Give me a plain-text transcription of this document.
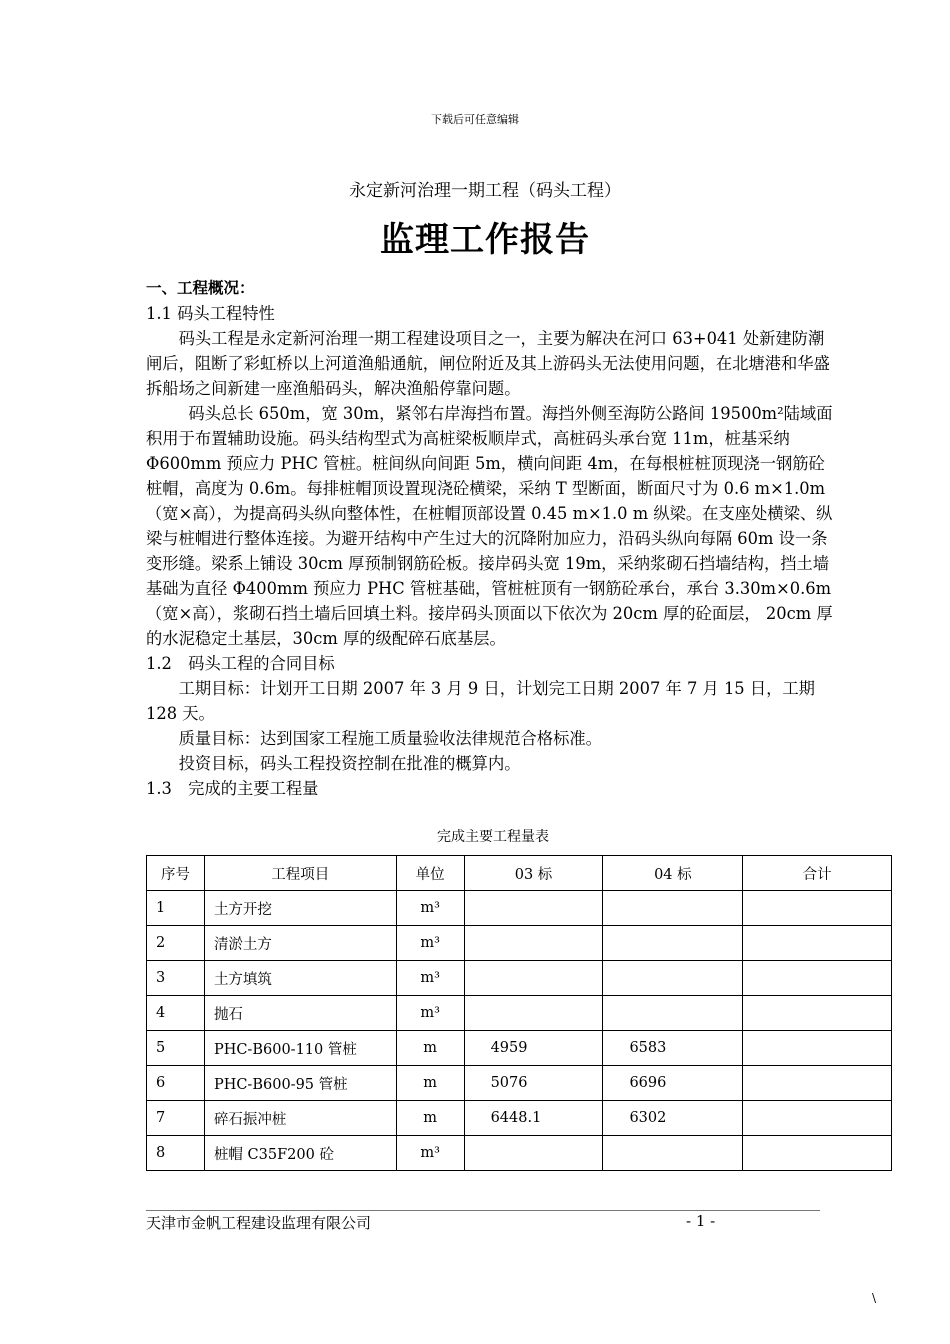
下载后可任意编辑
永定新河治理一期工程（码头工程）
监理工作报告

一、工程概况：

1.1 码头工程特性

码头工程是永定新河治理一期工程建设项目之一，主要为解决在河口 63+041 处新建防潮闸后，阻断了彩虹桥以上河道渔船通航，闸位附近及其上游码头无法使用问题，在北塘港和华盛拆船场之间新建一座渔船码头，解决渔船停靠问题。

码头总长 650m，宽 30m，紧邻右岸海挡布置。海挡外侧至海防公路间 19500m²陆域面积用于布置辅助设施。码头结构型式为高桩梁板顺岸式，高桩码头承台宽 11m，桩基采纳 Φ600mm 预应力 PHC 管桩。桩间纵向间距 5m，横向间距 4m，在每根桩桩顶现浇一钢筋砼桩帽，高度为 0.6m。每排桩帽顶设置现浇砼横梁，采纳 T 型断面，断面尺寸为 0.6 m×1.0m（宽×高），为提高码头纵向整体性，在桩帽顶部设置 0.45 m×1.0 m 纵梁。在支座处横梁、纵梁与桩帽进行整体连接。为避开结构中产生过大的沉降附加应力，沿码头纵向每隔 60m 设一条变形缝。梁系上铺设 30cm 厚预制钢筋砼板。接岸码头宽 19m，采纳浆砌石挡墙结构，挡土墙基础为直径 Φ400mm 预应力 PHC 管桩基础，管桩桩顶有一钢筋砼承台，承台 3.30m×0.6m（宽×高），浆砌石挡土墙后回填土料。接岸码头顶面以下依次为 20cm 厚的砼面层， 20cm 厚的水泥稳定土基层，30cm 厚的级配碎石底基层。

1.2　码头工程的合同目标

工期目标：计划开工日期 2007 年 3 月 9 日，计划完工日期 2007 年 7 月 15 日，工期 128 天。

质量目标：达到国家工程施工质量验收法律规范合格标准。

投资目标，码头工程投资控制在批准的概算内。

1.3　完成的主要工程量

完成主要工程量表
序号	工程项目	单位	03 标	04 标	合计
1	土方开挖	m³			
2	清淤土方	m³			
3	土方填筑	m³			
4	抛石	m³			
5	PHC-B600-110 管桩	m	4959	6583	
6	PHC-B600-95 管桩	m	5076	6696	
7	碎石振冲桩	m	6448.1	6302	
8	桩帽 C35F200 砼	m³			
天津市金帆工程建设监理有限公司	- 1 -
\
